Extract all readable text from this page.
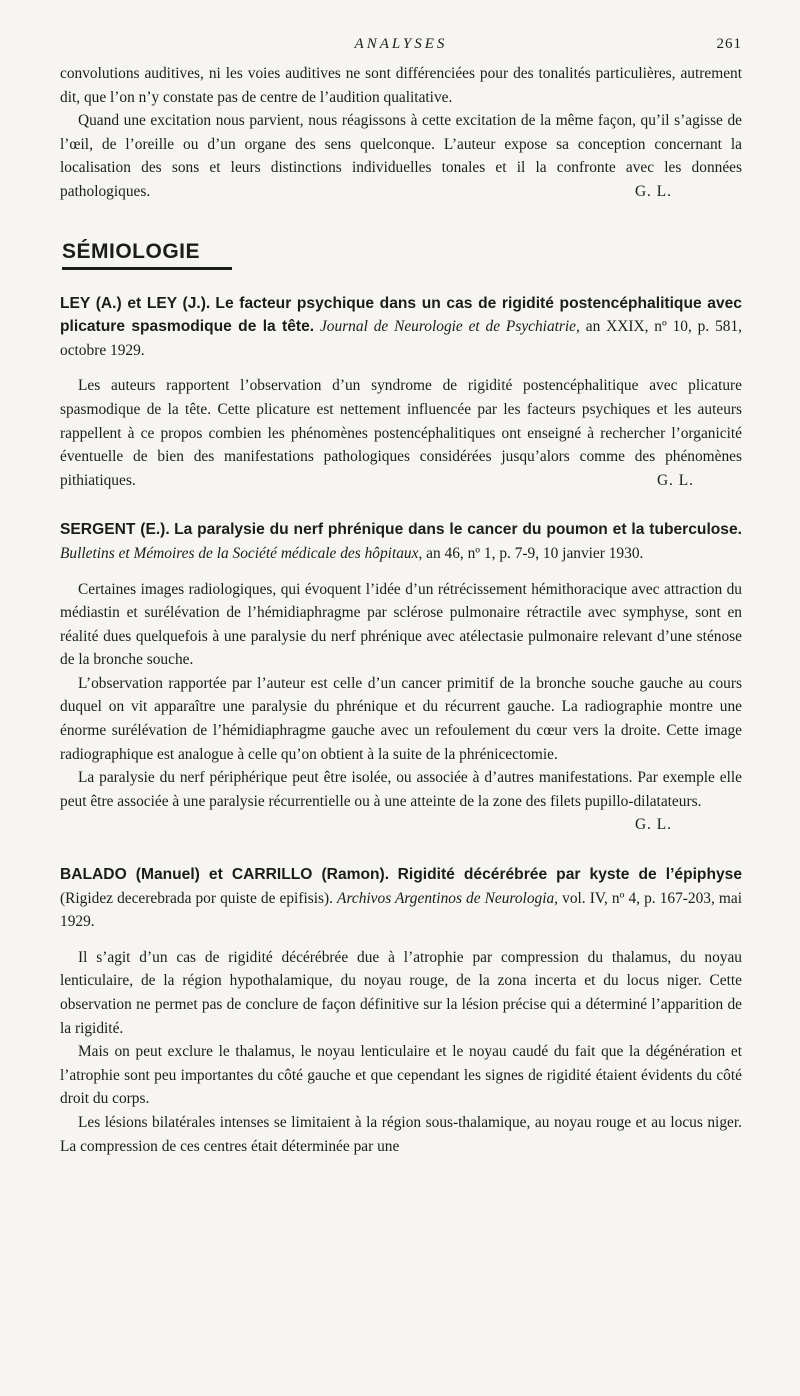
ANALYSES	261

convolutions auditives, ni les voies auditives ne sont différenciées pour des tonalités particulières, autrement dit, que l’on n’y constate pas de centre de l’audition qualitative.

Quand une excitation nous parvient, nous réagissons à cette excitation de la même façon, qu’il s’agisse de l’œil, de l’oreille ou d’un organe des sens quelconque. L’auteur expose sa conception concernant la localisation des sons et leurs distinctions individuelles tonales et il la confronte avec les données pathologiques.	G. L.

SÉMIOLOGIE
LEY (A.) et LEY (J.). Le facteur psychique dans un cas de rigidité postencéphalitique avec plicature spasmodique de la tête. Journal de Neurologie et de Psychiatrie, an XXIX, nº 10, p. 581, octobre 1929.

Les auteurs rapportent l’observation d’un syndrome de rigidité postencéphalitique avec plicature spasmodique de la tête. Cette plicature est nettement influencée par les facteurs psychiques et les auteurs rappellent à ce propos combien les phénomènes postencéphalitiques ont enseigné à rechercher l’organicité éventuelle de bien des manifestations pathologiques considérées jusqu’alors comme des phénomènes pithiatiques.	G. L.

SERGENT (E.). La paralysie du nerf phrénique dans le cancer du poumon et la tuberculose. Bulletins et Mémoires de la Société médicale des hôpitaux, an 46, nº 1, p. 7-9, 10 janvier 1930.

Certaines images radiologiques, qui évoquent l’idée d’un rétrécissement hémithoracique avec attraction du médiastin et surélévation de l’hémidiaphragme par sclérose pulmonaire rétractile avec symphyse, sont en réalité dues quelquefois à une paralysie du nerf phrénique avec atélectasie pulmonaire relevant d’une sténose de la bronche souche.

L’observation rapportée par l’auteur est celle d’un cancer primitif de la bronche souche gauche au cours duquel on vit apparaître une paralysie du phrénique et du récurrent gauche. La radiographie montre une énorme surélévation de l’hémidiaphragme gauche avec un refoulement du cœur vers la droite. Cette image radiographique est analogue à celle qu’on obtient à la suite de la phrénicectomie.

La paralysie du nerf périphérique peut être isolée, ou associée à d’autres manifestations. Par exemple elle peut être associée à une paralysie récurrentielle ou à une atteinte de la zone des filets pupillo-dilatateurs.
G. L.

BALADO (Manuel) et CARRILLO (Ramon). Rigidité décérébrée par kyste de l’épiphyse (Rigidez decerebrada por quiste de epifisis). Archivos Argentinos de Neurologia, vol. IV, nº 4, p. 167-203, mai 1929.

Il s’agit d’un cas de rigidité décérébrée due à l’atrophie par compression du thalamus, du noyau lenticulaire, de la région hypothalamique, du noyau rouge, de la zona incerta et du locus niger. Cette observation ne permet pas de conclure de façon définitive sur la lésion précise qui a déterminé l’apparition de la rigidité.

Mais on peut exclure le thalamus, le noyau lenticulaire et le noyau caudé du fait que la dégénération et l’atrophie sont peu importantes du côté gauche et que cependant les signes de rigidité étaient évidents du côté droit du corps.

Les lésions bilatérales intenses se limitaient à la région sous-thalamique, au noyau rouge et au locus niger. La compression de ces centres était déterminée par une
